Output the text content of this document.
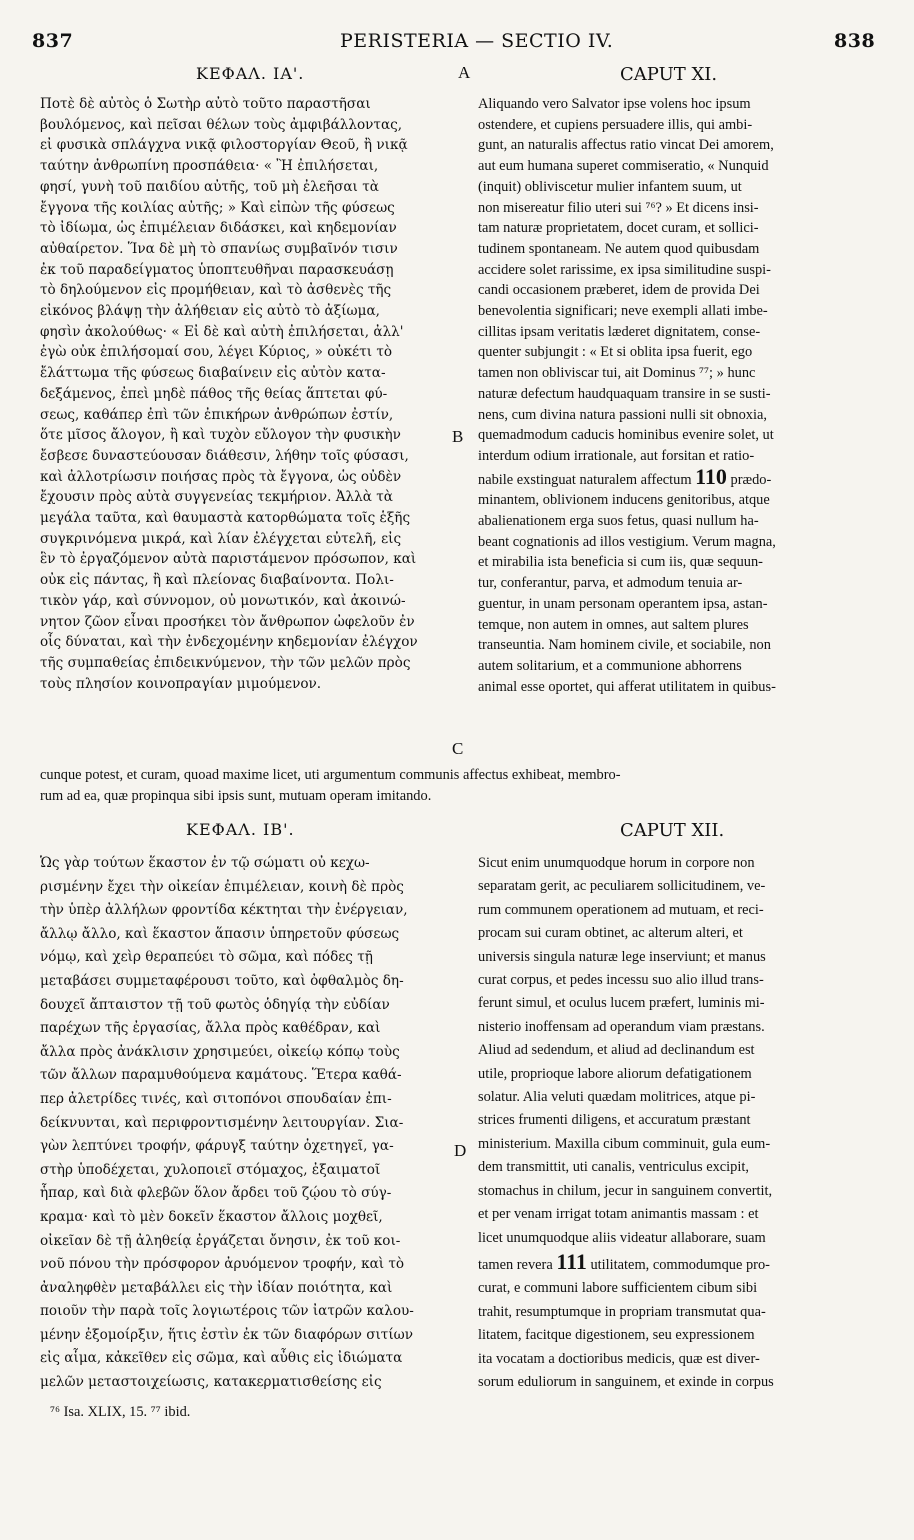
837	PERISTERIA — SECTIO IV.	838
ΚΕΦΑΛ. ΙΑ'.	CAPUT XI.
A
B
C
D
Ποτὲ δὲ αὐτὸς ὁ Σωτὴρ αὐτὸ τοῦτο παραστῆσαι
βουλόμενος, καὶ πεῖσαι θέλων τοὺς ἀμφιβάλλοντας,
εἰ φυσικὰ σπλάγχνα νικᾷ φιλοστοργίαν Θεοῦ, ἢ νικᾷ
ταύτην ἀνθρωπίνη προσπάθεια· « Ἢ ἐπιλήσεται,
φησί, γυνὴ τοῦ παιδίου αὐτῆς, τοῦ μὴ ἐλεῆσαι τὰ
ἔγγονα τῆς κοιλίας αὐτῆς; » Καὶ εἰπὼν τῆς φύσεως
τὸ ἰδίωμα, ὡς ἐπιμέλειαν διδάσκει, καὶ κηδεμονίαν
αὐθαίρετον. Ἵνα δὲ μὴ τὸ σπανίως συμβαῖνόν τισιν
ἐκ τοῦ παραδείγματος ὑποπτευθῆναι παρασκευάσῃ
τὸ δηλούμενον εἰς προμήθειαν, καὶ τὸ ἀσθενὲς τῆς
εἰκόνος βλάψῃ τὴν ἀλήθειαν εἰς αὐτὸ τὸ ἀξίωμα,
φησὶν ἀκολούθως· « Εἰ δὲ καὶ αὐτὴ ἐπιλήσεται, ἀλλ'
ἐγὼ οὐκ ἐπιλήσομαί σου, λέγει Κύριος, » οὐκέτι τὸ
ἔλάττωμα τῆς φύσεως διαβαίνειν εἰς αὐτὸν κατα-
δεξάμενος, ἐπεὶ μηδὲ πάθος τῆς θείας ἅπτεται φύ-
σεως, καθάπερ ἐπὶ τῶν ἐπικήρων ἀνθρώπων ἐστίν,
ὅτε μῖσος ἄλογον, ἢ καὶ τυχὸν εὔλογον τὴν φυσικὴν
ἔσβεσε δυναστεύουσαν διάθεσιν, λήθην τοῖς φύσασι,
καὶ ἀλλοτρίωσιν ποιήσας πρὸς τὰ ἔγγονα, ὡς οὐδὲν
ἔχουσιν πρὸς αὐτὰ συγγενείας τεκμήριον. Ἀλλὰ τὰ
μεγάλα ταῦτα, καὶ θαυμαστὰ κατορθώματα τοῖς ἑξῆς
συγκρινόμενα μικρά, καὶ λίαν ἐλέγχεται εὐτελῆ, εἰς
ἓν τὸ ἐργαζόμενον αὐτὰ παριστάμενον πρόσωπον, καὶ
οὐκ εἰς πάντας, ἢ καὶ πλείονας διαβαίνοντα. Πολι-
τικὸν γάρ, καὶ σύννομον, οὐ μονωτικόν, καὶ ἀκοινώ-
νητον ζῶον εἶναι προσήκει τὸν ἄνθρωπον ὠφελοῦν ἐν
οἷς δύναται, καὶ τὴν ἐνδεχομένην κηδεμονίαν ἐλέγχον
τῆς συμπαθείας ἐπιδεικνύμενον, τὴν τῶν μελῶν πρὸς
τοὺς πλησίον κοινοπραγίαν μιμούμενον.
Aliquando vero Salvator ipse volens hoc ipsum
ostendere, et cupiens persuadere illis, qui ambi-
gunt, an naturalis affectus ratio vincat Dei amorem,
aut eum humana superet commiseratio, « Nunquid
(inquit) obliviscetur mulier infantem suum, ut
non misereatur filio uteri sui ⁷⁶? » Et dicens insi-
tam naturæ proprietatem, docet curam, et sollici-
tudinem spontaneam. Ne autem quod quibusdam
accidere solet rarissime, ex ipsa similitudine suspi-
candi occasionem præberet, idem de provida Dei
benevolentia significari; neve exempli allati imbe-
cillitas ipsam veritatis læderet dignitatem, conse-
quenter subjungit : « Et si oblita ipsa fuerit, ego
tamen non obliviscar tui, ait Dominus ⁷⁷; » hunc
naturæ defectum haudquaquam transire in se susti-
nens, cum divina natura passioni nulli sit obnoxia,
quemadmodum caducis hominibus evenire solet, ut
interdum odium irrationale, aut forsitan et ratio-
nabile exstinguat naturalem affectum 110 prædo-
minantem, oblivionem inducens genitoribus, atque
abalienationem erga suos fetus, quasi nullum ha-
beant cognationis ad illos vestigium. Verum magna,
et mirabilia ista beneficia si cum iis, quæ sequun-
tur, conferantur, parva, et admodum tenuia ar-
guentur, in unam personam operantem ipsa, astan-
temque, non autem in omnes, aut saltem plures
transeuntia. Nam hominem civile, et sociabile, non
autem solitarium, et a communione abhorrens
animal esse oportet, qui afferat utilitatem in quibus-
cunque potest, et curam, quoad maxime licet, uti argumentum communis affectus exhibeat, membro-
rum ad ea, quæ propinqua sibi ipsis sunt, mutuam operam imitando.
ΚΕΦΑΛ. ΙΒ'.	CAPUT XII.
Ὡς γὰρ τούτων ἕκαστον ἐν τῷ σώματι οὐ κεχω-
ρισμένην ἔχει τὴν οἰκείαν ἐπιμέλειαν, κοινὴ δὲ πρὸς
τὴν ὑπὲρ ἀλλήλων φροντίδα κέκτηται τὴν ἐνέργειαν,
ἄλλῳ ἄλλο, καὶ ἕκαστον ἅπασιν ὑπηρετοῦν φύσεως
νόμῳ, καὶ χεὶρ θεραπεύει τὸ σῶμα, καὶ πόδες τῇ
μεταβάσει συμμεταφέρουσι τοῦτο, καὶ ὀφθαλμὸς δη-
δουχεῖ ἄπταιστον τῇ τοῦ φωτὸς ὁδηγίᾳ τὴν εὐδίαν
παρέχων τῆς ἐργασίας, ἄλλα πρὸς καθέδραν, καὶ
ἄλλα πρὸς ἀνάκλισιν χρησιμεύει, οἰκείῳ κόπῳ τοὺς
τῶν ἄλλων παραμυθούμενα καμάτους. Ἕτερα καθά-
περ ἀλετρίδες τινές, καὶ σιτοπόνοι σπουδαίαν ἐπι-
δείκνυνται, καὶ περιφροντισμένην λειτουργίαν. Σια-
γὼν λεπτύνει τροφήν, φάρυγξ ταύτην ὀχετηγεῖ, γα-
στὴρ ὑποδέχεται, χυλοποιεῖ στόμαχος, ἐξαιματοῖ
ἧπαρ, καὶ διὰ φλεβῶν ὅλον ἄρδει τοῦ ζῴου τὸ σύγ-
κραμα· καὶ τὸ μὲν δοκεῖν ἕκαστον ἄλλοις μοχθεῖ,
οἰκεῖαν δὲ τῇ ἀληθείᾳ ἐργάζεται ὄνησιν, ἐκ τοῦ κοι-
νοῦ πόνου τὴν πρόσφορον ἀρυόμενον τροφήν, καὶ τὸ
ἀναληφθὲν μεταβάλλει εἰς τὴν ἰδίαν ποιότητα, καὶ
ποιοῦν τὴν παρὰ τοῖς λογιωτέροις τῶν ἰατρῶν καλου-
μένην ἐξομοίρξιν, ἥτις ἐστὶν ἐκ τῶν διαφόρων σιτίων
εἰς αἷμα, κἀκεῖθεν εἰς σῶμα, καὶ αὖθις εἰς ἰδιώματα
μελῶν μεταστοιχείωσις, κατακερματισθείσης εἰς
Sicut enim unumquodque horum in corpore non
separatam gerit, ac peculiarem sollicitudinem, ve-
rum communem operationem ad mutuam, et reci-
procam sui curam obtinet, ac alterum alteri, et
universis singula naturæ lege inserviunt; et manus
curat corpus, et pedes incessu suo alio illud trans-
ferunt simul, et oculus lucem præfert, luminis mi-
nisterio inoffensam ad operandum viam præstans.
Aliud ad sedendum, et aliud ad declinandum est
utile, proprioque labore aliorum defatigationem
solatur. Alia veluti quædam molitrices, atque pi-
strices frumenti diligens, et accuratum præstant
ministerium. Maxilla cibum comminuit, gula eum-
dem transmittit, uti canalis, ventriculus excipit,
stomachus in chilum, jecur in sanguinem convertit,
et per venam irrigat totam animantis massam : et
licet unumquodque aliis videatur allaborare, suam
tamen revera 111 utilitatem, commodumque pro-
curat, e communi labore sufficientem cibum sibi
trahit, resumptumque in propriam transmutat qua-
litatem, facitque digestionem, seu expressionem
ita vocatam a doctioribus medicis, quæ est diver-
sorum eduliorum in sanguinem, et exinde in corpus
⁷⁶ Isa. XLIX, 15. ⁷⁷ ibid.
